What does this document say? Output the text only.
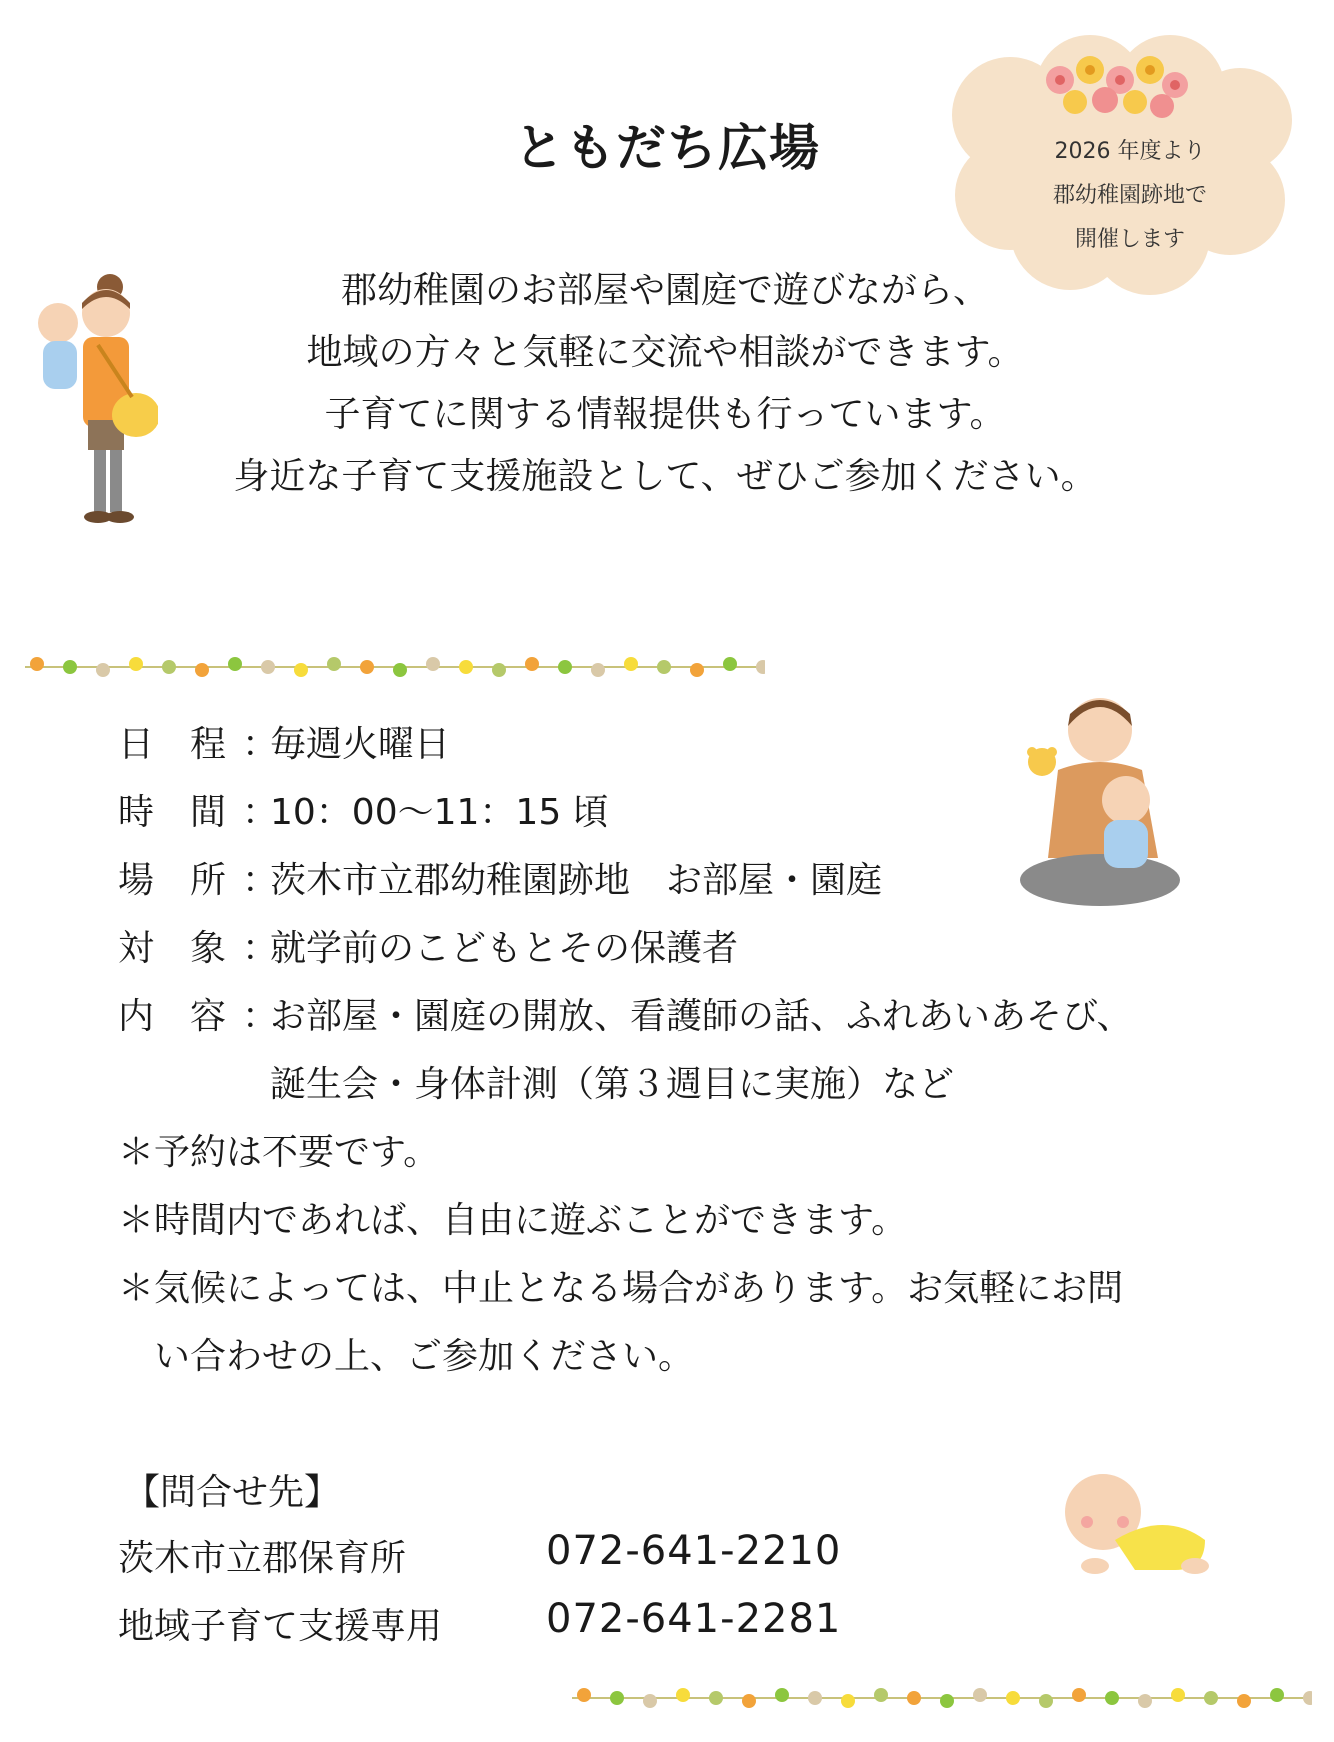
ともだち広場	2026 年度より
郡幼稚園跡地で
開催します
郡幼稚園のお部屋や園庭で遊びながら、
地域の方々と気軽に交流や相談ができます。
子育てに関する情報提供も行っています。
身近な子育て支援施設として、ぜひご参加ください。
日　程 ：毎週火曜日
時　間 ：10：00～11：15 頃
場　所 ：茨木市立郡幼稚園跡地　お部屋・園庭
対　象 ：就学前のこどもとその保護者
内　容 ：お部屋・園庭の開放、看護師の話、ふれあいあそび、
誕生会・身体計測（第３週目に実施）など
＊予約は不要です。
＊時間内であれば、自由に遊ぶことができます。
＊気候によっては、中止となる場合があります。お気軽にお問
　い合わせの上、ご参加ください。
【問合せ先】
茨木市立郡保育所	072-641-2210
地域子育て支援専用	072-641-2281
